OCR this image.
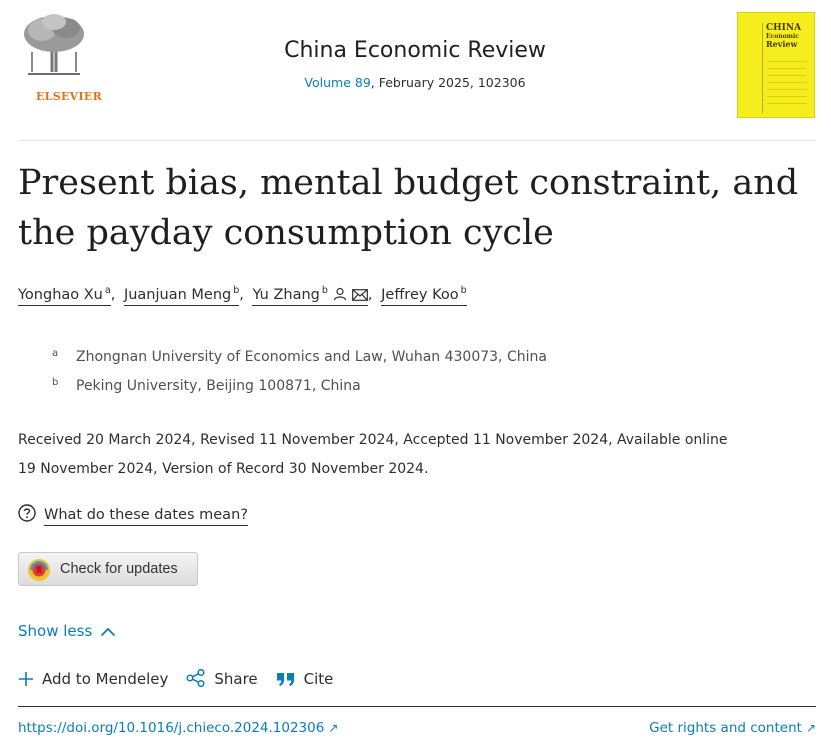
ELSEVIER
China Economic Review
Volume 89, February 2025, 102306
CHINA
Economic
Review
Present bias, mental budget constraint, and the payday consumption cycle
Yonghao Xu $^a$, Juanjuan Meng $^b$, Yu Zhang $^b$	, Jeffrey Koo $^b$
a Zhongnan University of Economics and Law, Wuhan 430073, China
b Peking University, Beijing 100871, China
Received 20 March 2024, Revised 11 November 2024, Accepted 11 November 2024, Available online
19 November 2024, Version of Record 30 November 2024.
What do these dates mean?
Check for updates
Show less
Add to Mendeley	Share	Cite
https://doi.org/10.1016/j.chieco.2024.102306 ↗	Get rights and content ↗
